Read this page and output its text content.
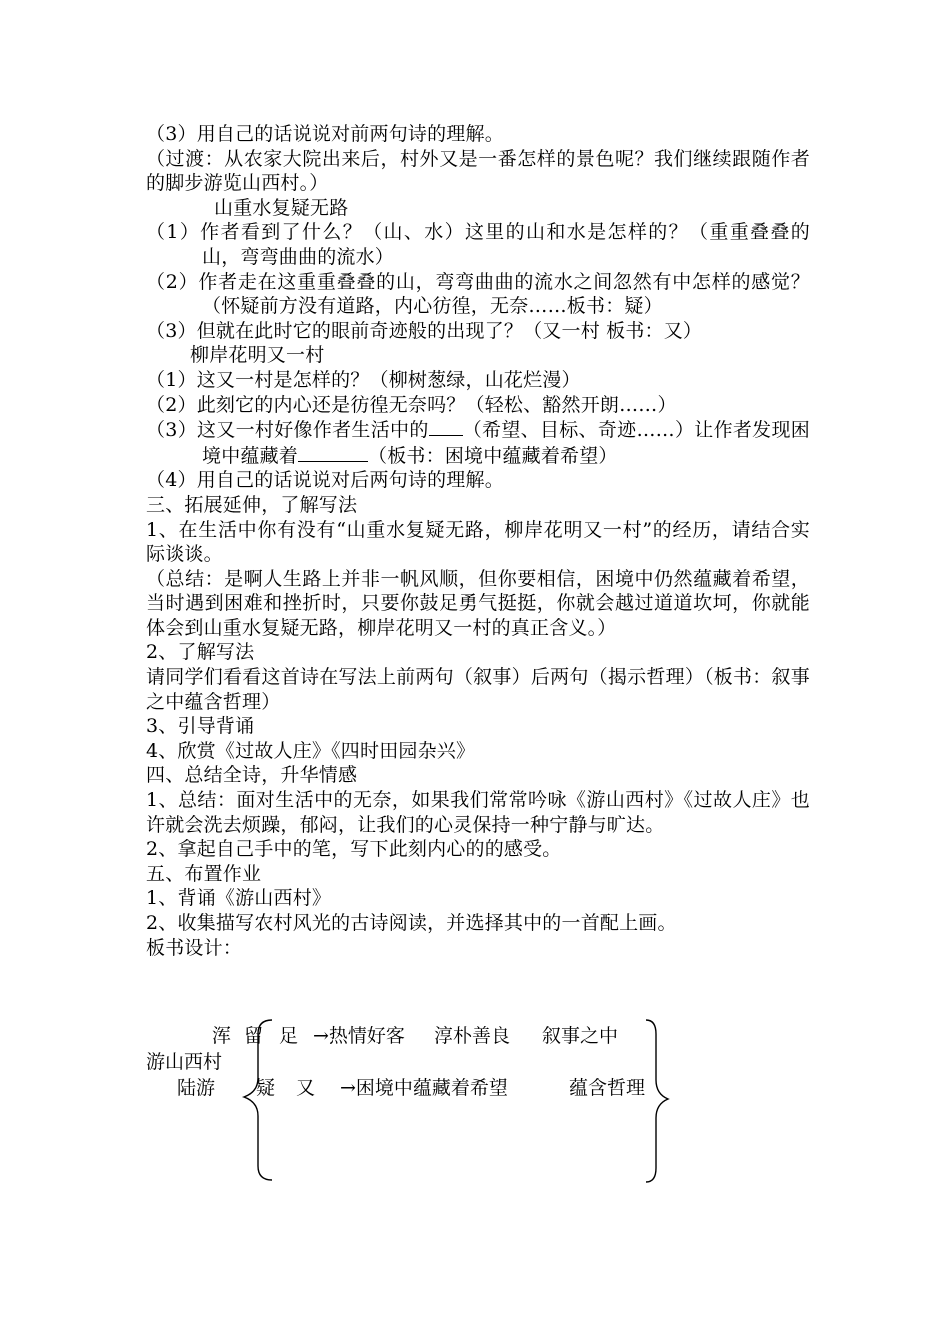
（3）用自己的话说说对前两句诗的理解。
（过渡：从农家大院出来后，村外又是一番怎样的景色呢？我们继续跟随作者的脚步游览山西村。）
山重水复疑无路
（1）作者看到了什么？（山、水）这里的山和水是怎样的？（重重叠叠的山，弯弯曲曲的流水）
（2）作者走在这重重叠叠的山，弯弯曲曲的流水之间忽然有中怎样的感觉？（怀疑前方没有道路，内心彷徨，无奈……板书：疑）
（3）但就在此时它的眼前奇迹般的出现了？（又一村 板书：又）
柳岸花明又一村
（1）这又一村是怎样的？（柳树葱绿，山花烂漫）
（2）此刻它的内心还是彷徨无奈吗？（轻松、豁然开朗……）
（3）这又一村好像作者生活中的 （希望、目标、奇迹……）让作者发现困境中蕴藏着	（板书：困境中蕴藏着希望）
（4）用自己的话说说对后两句诗的理解。
三、拓展延伸，了解写法
1、在生活中你有没有“山重水复疑无路，柳岸花明又一村”的经历，请结合实际谈谈。
（总结：是啊人生路上并非一帆风顺，但你要相信，困境中仍然蕴藏着希望，当时遇到困难和挫折时，只要你鼓足勇气挺挺，你就会越过道道坎坷，你就能体会到山重水复疑无路，柳岸花明又一村的真正含义。）
2、了解写法
请同学们看看这首诗在写法上前两句（叙事）后两句（揭示哲理）（板书：叙事之中蕴含哲理）
3、引导背诵
4、欣赏《过故人庄》《四时田园杂兴》
四、总结全诗，升华情感
1、总结：面对生活中的无奈，如果我们常常吟咏《游山西村》《过故人庄》也许就会洗去烦躁，郁闷，让我们的心灵保持一种宁静与旷达。
2、拿起自己手中的笔，写下此刻内心的的感受。
五、布置作业
1、背诵《游山西村》
2、收集描写农村风光的古诗阅读，并选择其中的一首配上画。
板书设计：
浑 留 足 →热情好客 淳朴善良 叙事之中
游山西村
陆游 疑 又 →困境中蕴藏着希望	蕴含哲理
